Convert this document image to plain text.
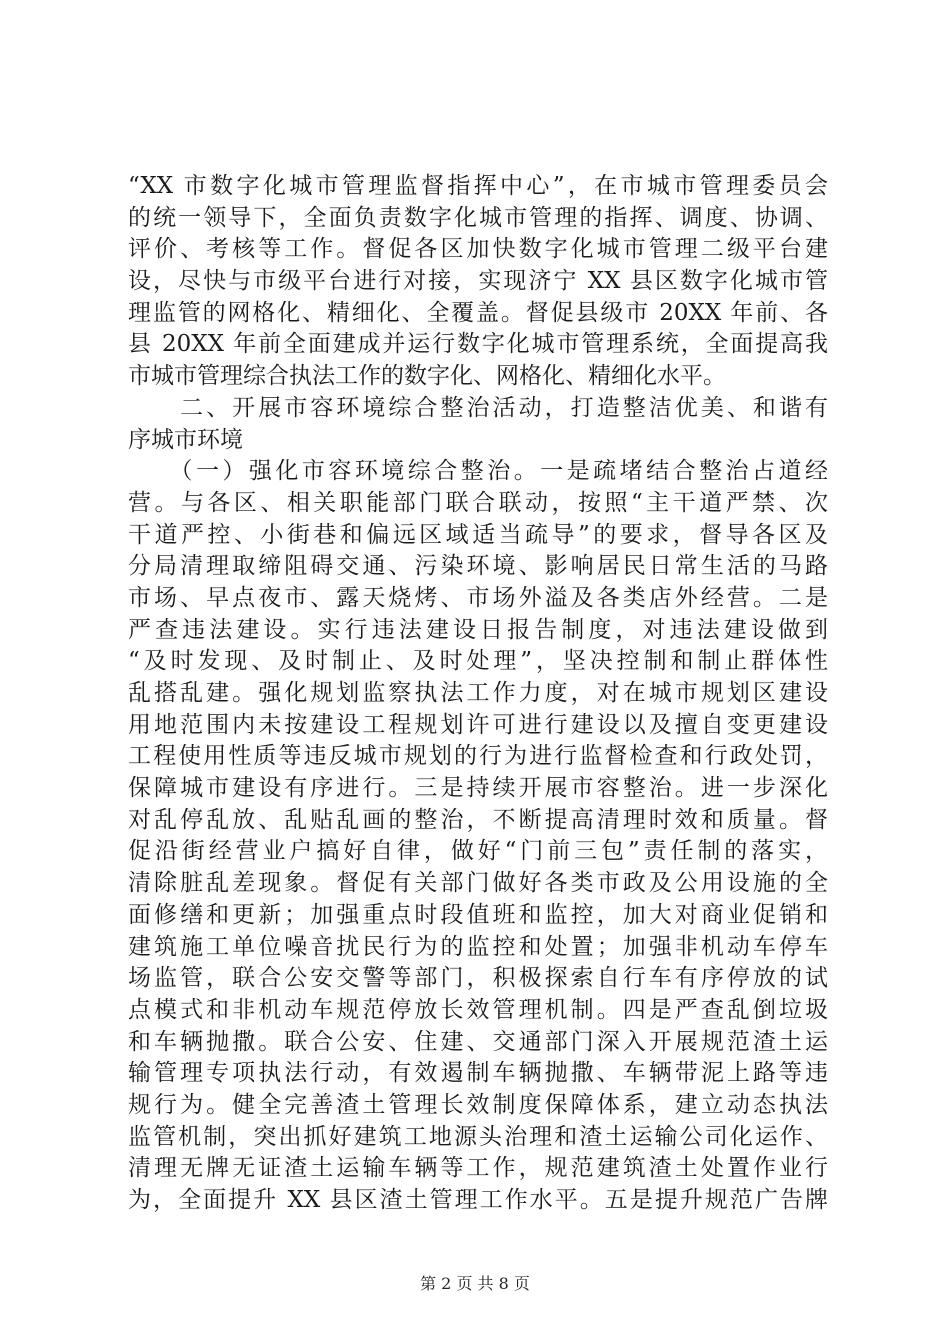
“XX 市数字化城市管理监督指挥中心”，在市城市管理委员会
的统一领导下，全面负责数字化城市管理的指挥、调度、协调、
评价、考核等工作。督促各区加快数字化城市管理二级平台建
设，尽快与市级平台进行对接，实现济宁 XX 县区数字化城市管
理监管的网格化、精细化、全覆盖。督促县级市 20XX 年前、各
县 20XX 年前全面建成并运行数字化城市管理系统，全面提高我
市城市管理综合执法工作的数字化、网格化、精细化水平。
　　二、开展市容环境综合整治活动，打造整洁优美、和谐有
序城市环境
　　（一）强化市容环境综合整治。一是疏堵结合整治占道经
营。与各区、相关职能部门联合联动，按照“主干道严禁、次
干道严控、小街巷和偏远区域适当疏导”的要求，督导各区及
分局清理取缔阻碍交通、污染环境、影响居民日常生活的马路
市场、早点夜市、露天烧烤、市场外溢及各类店外经营。二是
严查违法建设。实行违法建设日报告制度，对违法建设做到
“及时发现、及时制止、及时处理”，坚决控制和制止群体性
乱搭乱建。强化规划监察执法工作力度，对在城市规划区建设
用地范围内未按建设工程规划许可进行建设以及擅自变更建设
工程使用性质等违反城市规划的行为进行监督检查和行政处罚，
保障城市建设有序进行。三是持续开展市容整治。进一步深化
对乱停乱放、乱贴乱画的整治，不断提高清理时效和质量。督
促沿街经营业户搞好自律，做好“门前三包”责任制的落实，
清除脏乱差现象。督促有关部门做好各类市政及公用设施的全
面修缮和更新；加强重点时段值班和监控，加大对商业促销和
建筑施工单位噪音扰民行为的监控和处置；加强非机动车停车
场监管，联合公安交警等部门，积极探索自行车有序停放的试
点模式和非机动车规范停放长效管理机制。四是严查乱倒垃圾
和车辆抛撒。联合公安、住建、交通部门深入开展规范渣土运
输管理专项执法行动，有效遏制车辆抛撒、车辆带泥上路等违
规行为。健全完善渣土管理长效制度保障体系，建立动态执法
监管机制，突出抓好建筑工地源头治理和渣土运输公司化运作、
清理无牌无证渣土运输车辆等工作，规范建筑渣土处置作业行
为，全面提升 XX 县区渣土管理工作水平。五是提升规范广告牌
第 2 页 共 8 页
